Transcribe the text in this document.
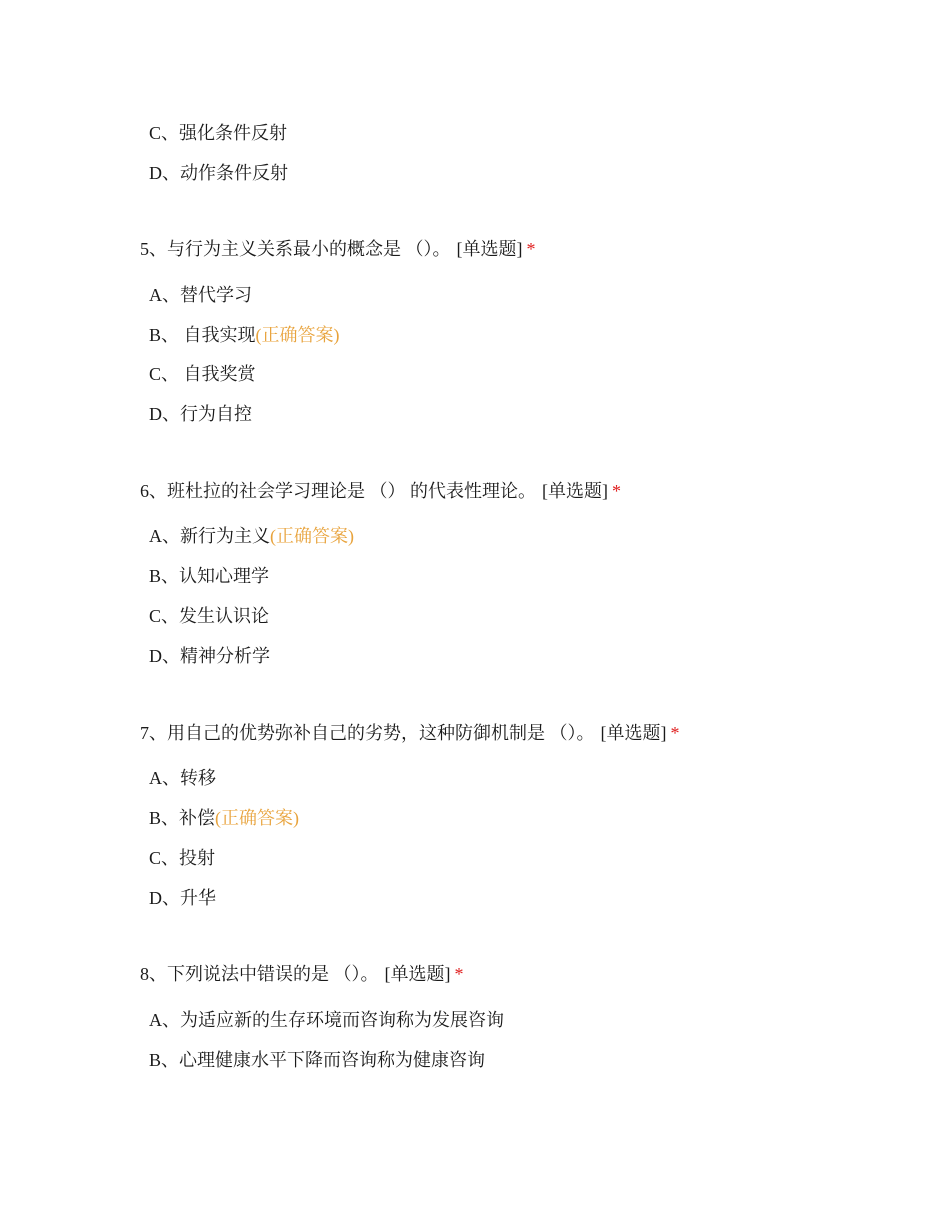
C、强化条件反射
D、动作条件反射
5、与行为主义关系最小的概念是 （）。 [单选题] *
A、替代学习
B、 自我实现(正确答案)
C、 自我奖赏
D、行为自控
6、班杜拉的社会学习理论是 （） 的代表性理论。 [单选题] *
A、新行为主义(正确答案)
B、认知心理学
C、发生认识论
D、精神分析学
7、用自己的优势弥补自己的劣势，这种防御机制是 （）。 [单选题] *
A、转移
B、补偿(正确答案)
C、投射
D、升华
8、下列说法中错误的是 （）。 [单选题] *
A、为适应新的生存环境而咨询称为发展咨询
B、心理健康水平下降而咨询称为健康咨询
